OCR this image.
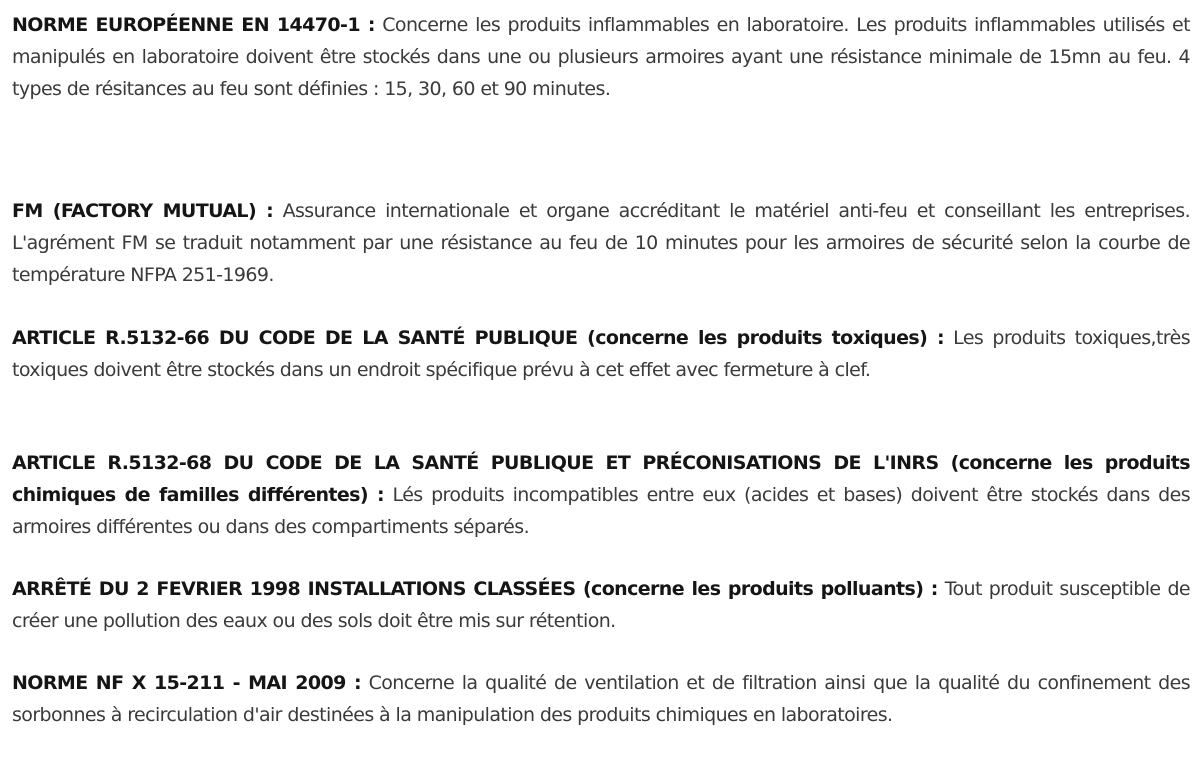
NORME EUROPÉENNE EN 14470-1 : Concerne les produits inflammables en laboratoire. Les produits inflammables utilisés et manipulés en laboratoire doivent être stockés dans une ou plusieurs armoires ayant une résistance minimale de 15mn au feu. 4 types de résitances au feu sont définies : 15, 30, 60 et 90 minutes.

FM (FACTORY MUTUAL) : Assurance internationale et organe accréditant le matériel anti-feu et conseillant les entreprises. L'agrément FM se traduit notamment par une résistance au feu de 10 minutes pour les armoires de sécurité selon la courbe de température NFPA 251-1969.

ARTICLE R.5132-66 DU CODE DE LA SANTÉ PUBLIQUE (concerne les produits toxiques) : Les produits toxiques,très toxiques doivent être stockés dans un endroit spécifique prévu à cet effet avec fermeture à clef.

ARTICLE R.5132-68 DU CODE DE LA SANTÉ PUBLIQUE ET PRÉCONISATIONS DE L'INRS (concerne les produits chimiques de familles différentes) : Lés produits incompatibles entre eux (acides et bases) doivent être stockés dans des armoires différentes ou dans des compartiments séparés.

ARRÊTÉ DU 2 FEVRIER 1998 INSTALLATIONS CLASSÉES (concerne les produits polluants) : Tout produit susceptible de créer une pollution des eaux ou des sols doit être mis sur rétention.

NORME NF X 15-211 - MAI 2009 : Concerne la qualité de ventilation et de filtration ainsi que la qualité du confinement des sorbonnes à recirculation d'air destinées à la manipulation des produits chimiques en laboratoires.
